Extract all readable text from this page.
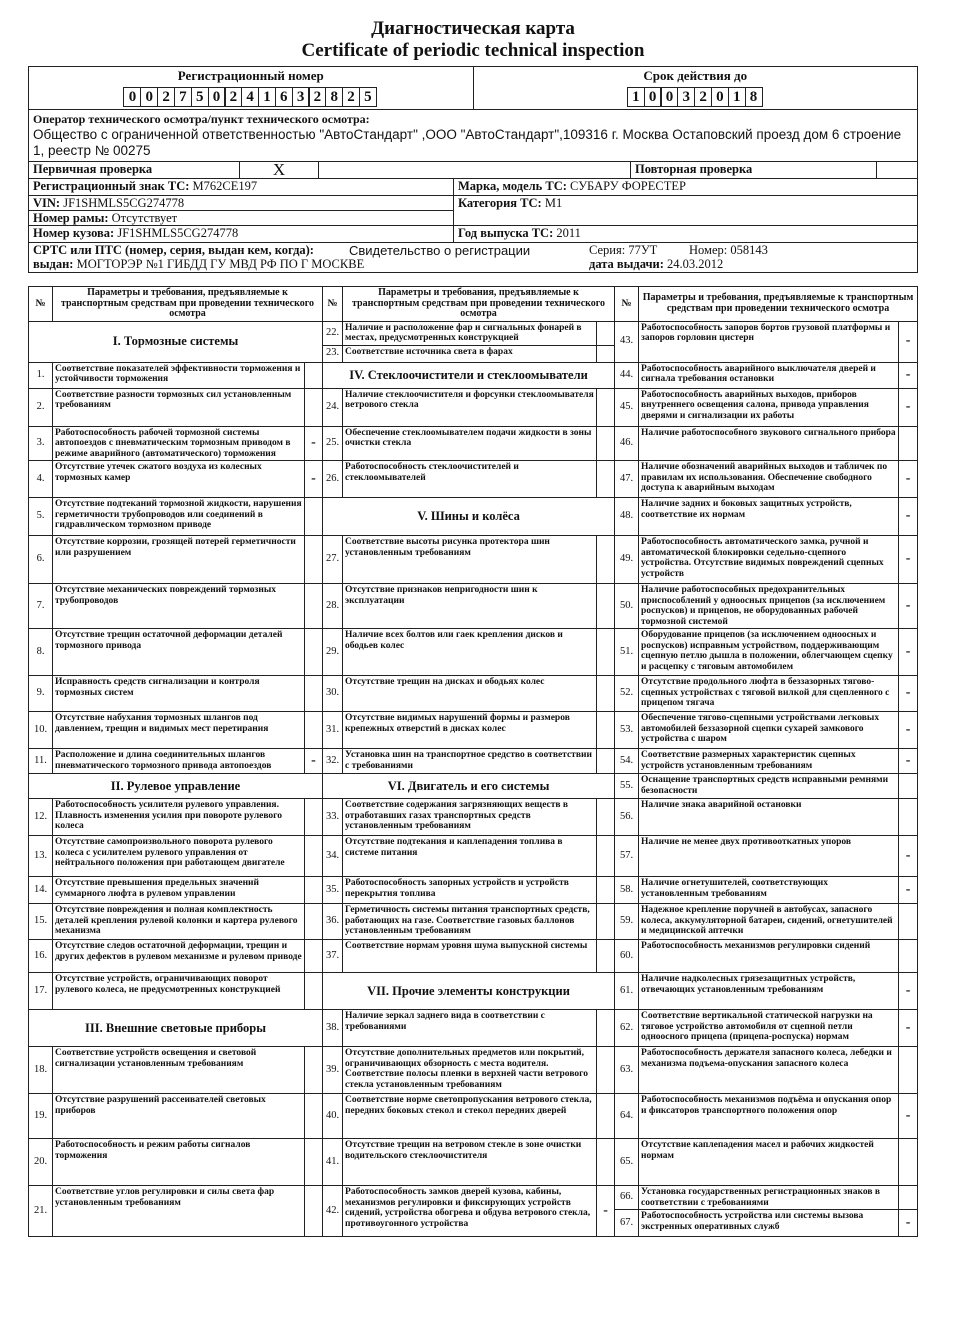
Диагностическая карта
Certificate of periodic technical inspection
Регистрационный номер
0 0 2 7 5 0 2 4 1 6 3 2 8 2 5
Срок действия до
1 0 0 3 2 0 1 8
Оператор технического осмотра/пункт технического осмотра:
Общество с ограниченной ответственностью "АвтоСтандарт" ,ООО "АвтоСтандарт",109316 г. Москва Остаповский проезд дом 6 строение 1, реестр № 00275
Первичная проверка	X	Повторная проверка
Регистрационный знак ТС: М762СЕ197	Марка, модель ТС: СУБАРУ ФОРЕСТЕР
VIN: JF1SHMLS5CG274778
Номер рамы: Отсутствует
Категория ТС: M1
Номер кузова: JF1SHMLS5CG274778	Год выпуска ТС: 2011
СРТС или ПТС (номер, серия, выдан кем, когда):	Свидетельство о регистрации	Серия: 77УТ	Номер: 058143
выдан: МОГТОРЭР №1 ГИБДД ГУ МВД РФ ПО Г МОСКВЕ	дата выдачи: 24.03.2012
№	Параметры и требования, предъявляемые к транспортным средствам при проведении технического осмотра		№	Параметры и требования, предъявляемые к транспортным средствам при проведении технического осмотра		№	Параметры и требования, предъявляемые к транспортным средствам при проведении технического осмотра	
I. Тормозные системы			22.	Наличие и расположение фар и сигнальных фонарей в местах, предусмотренных конструкцией		43.	Работоспособность запоров бортов грузовой платформы и запоров горловин цистерн	-
			23.	Соответствие источника света в фарах				
1.	Соответствие показателей эффективности торможения и устойчивости торможения		IV. Стеклоочистители и стеклоомыватели			44.	Работоспособность аварийного выключателя дверей и сигнала требования остановки	-
2.	Соответствие разности тормозных сил установленным требованиям		24.	Наличие стеклоочистителя и форсунки стеклоомывателя ветрового стекла		45.	Работоспособность аварийных выходов, приборов внутреннего освещения салона, привода управления дверями и сигнализации их работы	-
3.	Работоспособность рабочей тормозной системы автопоездов с пневматическим тормозным приводом в режиме аварийного (автоматического) торможения	-	25.	Обеспечение стеклоомывателем подачи жидкости в зоны очистки стекла		46.	Наличие работоспособного звукового сигнального прибора	
4.	Отсутствие утечек сжатого воздуха из колесных тормозных камер	-	26.	Работоспособность стеклоочистителей и стеклоомывателей		47.	Наличие обозначений аварийных выходов и табличек по правилам их использования. Обеспечение свободного доступа к аварийным выходам	-
5.	Отсутствие подтеканий тормозной жидкости, нарушения герметичности трубопроводов или соединений в гидравлическом тормозном приводе		V. Шины и колёса			48.	Наличие задних и боковых защитных устройств, соответствие их нормам	-
6.	Отсутствие коррозии, грозящей потерей герметичности или разрушением		27.	Соответствие высоты рисунка протектора шин установленным требованиям		49.	Работоспособность автоматического замка, ручной и автоматической блокировки седельно-сцепного устройства. Отсутствие видимых повреждений сцепных устройств	-
7.	Отсутствие механических повреждений тормозных трубопроводов		28.	Отсутствие признаков непригодности шин к эксплуатации		50.	Наличие работоспособных предохранительных приспособлений у одноосных прицепов (за исключением роспусков) и прицепов, не оборудованных рабочей тормозной системой	-
8.	Отсутствие трещин остаточной деформации деталей тормозного привода		29.	Наличие всех болтов или гаек крепления дисков и ободьев колес		51.	Оборудование прицепов (за исключением одноосных и роспусков) исправным устройством, поддерживающим сцепную петлю дышла в положении, облегчающем сцепку и расцепку с тяговым автомобилем	-
9.	Исправность средств сигнализации и контроля тормозных систем		30.	Отсутствие трещин на дисках и ободьях колес		52.	Отсутствие продольного люфта в беззазорных тягово-сцепных устройствах с тяговой вилкой для сцепленного с прицепом тягача	-
10.	Отсутствие набухания тормозных шлангов под давлением, трещин и видимых мест перетирания		31.	Отсутствие видимых нарушений формы и размеров крепежных отверстий в дисках колес		53.	Обеспечение тягово-сцепными устройствами легковых автомобилей беззазорной сцепки сухарей замкового устройства с шаром	-
11.	Расположение и длина соединительных шлангов пневматического тормозного привода автопоездов	-	32.	Установка шин на транспортное средство в соответствии с требованиями		54.	Соответствие размерных характеристик сцепных устройств установленным требованиям	-
II. Рулевое управление			VI. Двигатель и его системы			55.	Оснащение транспортных средств исправными ремнями безопасности	
12.	Работоспособность усилителя рулевого управления. Плавность изменения усилия при повороте рулевого колеса		33.	Соответствие содержания загрязняющих веществ в отработавших газах транспортных средств установленным требованиям		56.	Наличие знака аварийной остановки	
13.	Отсутствие самопроизвольного поворота рулевого колеса с усилителем рулевого управления от нейтрального положения при работающем двигателе		34.	Отсутствие подтекания и каплепадения топлива в системе питания		57.	Наличие не менее двух противооткатных упоров	-
14.	Отсутствие превышения предельных значений суммарного люфта в рулевом управлении		35.	Работоспособность запорных устройств и устройств перекрытия топлива		58.	Наличие огнетушителей, соответствующих установленным требованиям	-
15.	Отсутствие повреждения и полная комплектность деталей крепления рулевой колонки и картера рулевого механизма		36.	Герметичность системы питания транспортных средств, работающих на газе. Соответствие газовых баллонов установленным требованиям		59.	Надежное крепление поручней в автобусах, запасного колеса, аккумуляторной батареи, сидений, огнетушителей и медицинской аптечки	
16.	Отсутствие следов остаточной деформации, трещин и других дефектов в рулевом механизме и рулевом приводе		37.	Соответствие нормам уровня шума выпускной системы		60.	Работоспособность механизмов регулировки сидений	
17.	Отсутствие устройств, ограничивающих поворот рулевого колеса, не предусмотренных конструкцией		VII. Прочие элементы конструкции			61.	Наличие надколесных грязезащитных устройств, отвечающих установленным требованиям	-
III. Внешние световые приборы			38.	Наличие зеркал заднего вида в соответствии с требованиями		62.	Соответствие вертикальной статической нагрузки на тяговое устройство автомобиля от сцепной петли одноосного прицепа (прицепа-роспуска) нормам	-
18.	Соответствие устройств освещения и световой сигнализации установленным требованиям		39.	Отсутствие дополнительных предметов или покрытий, ограничивающих обзорность с места водителя. Соответствие полосы пленки в верхней части ветрового стекла установленным требованиям		63.	Работоспособность держателя запасного колеса, лебедки и механизма подъема-опускания запасного колеса	
19.	Отсутствие разрушений рассеивателей световых приборов		40.	Соответствие норме светопропускания ветрового стекла, передних боковых стекол и стекол передних дверей		64.	Работоспособность механизмов подъёма и опускания опор и фиксаторов транспортного положения опор	-
20.	Работоспособность и режим работы сигналов торможения		41.	Отсутствие трещин на ветровом стекле в зоне очистки водительского стеклоочистителя		65.	Отсутствие каплепадения масел и рабочих жидкостей нормам	
21.	Соответствие углов регулировки и силы света фар установленным требованиям		42.	Работоспособность замков дверей кузова, кабины, механизмов регулировки и фиксирующих устройств сидений, устройства обогрева и обдува ветрового стекла, противоугонного устройства	-	66.	Установка государственных регистрационных знаков в соответствии с требованиями	
						67.	Работоспособность устройства или системы вызова экстренных оперативных служб	-
